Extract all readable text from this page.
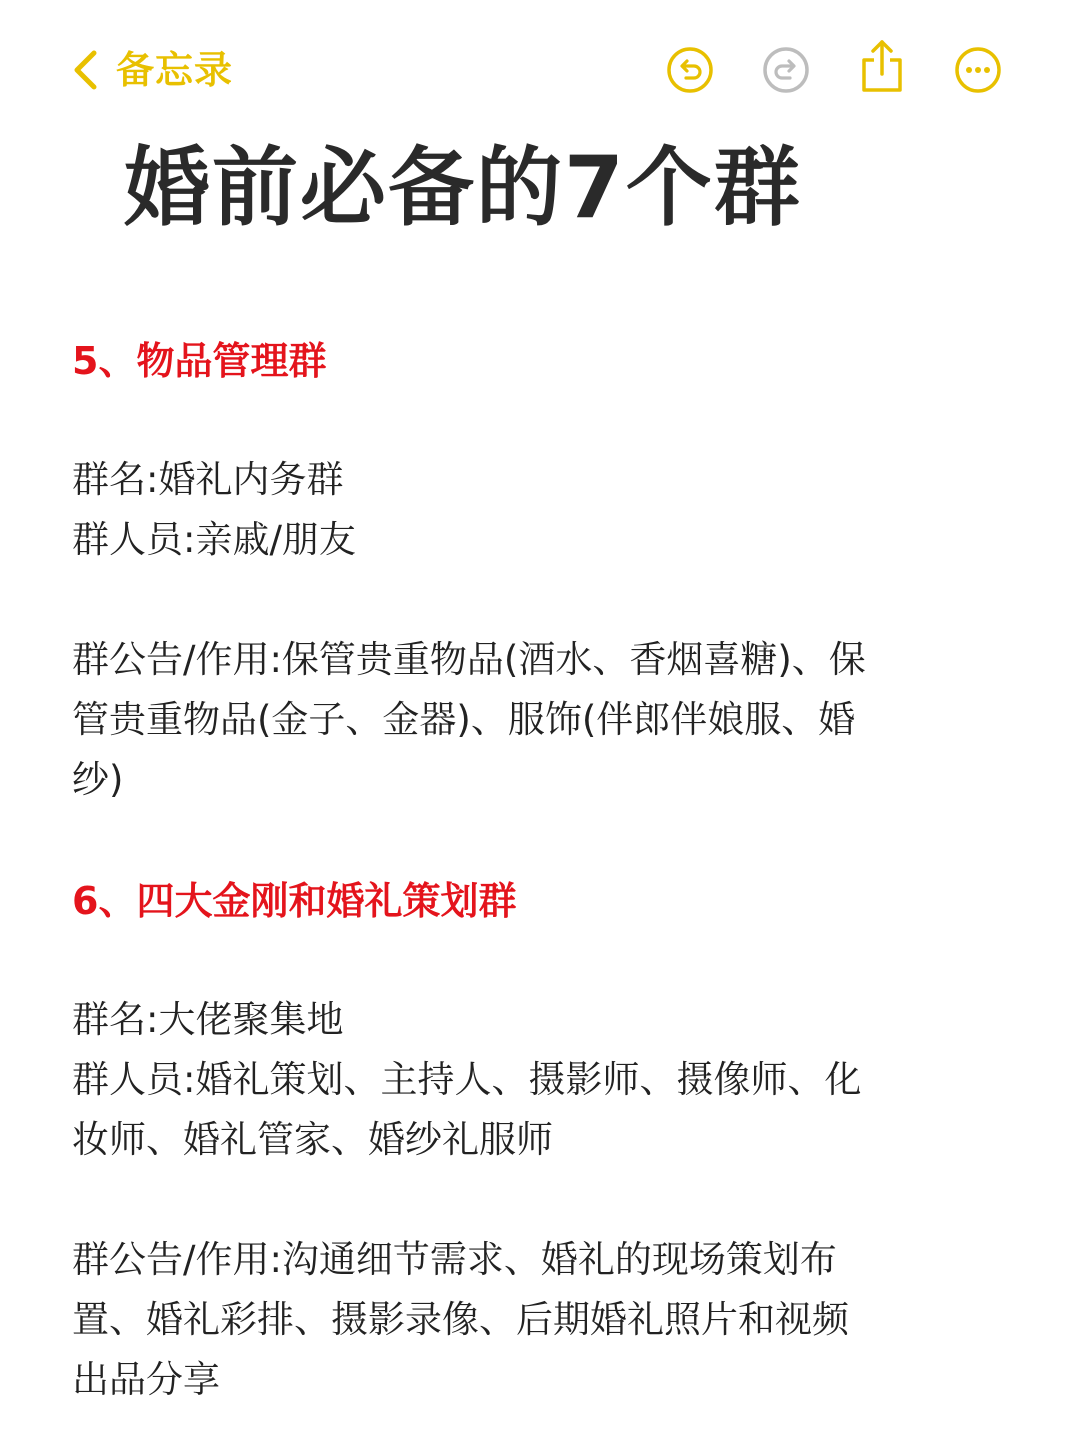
备忘录
婚前必备的7个群
5、物品管理群
群名:婚礼内务群
群人员:亲戚/朋友
群公告/作用:保管贵重物品(酒水、香烟喜糖)、保
管贵重物品(金子、金器)、服饰(伴郎伴娘服、婚
纱)
6、四大金刚和婚礼策划群
群名:大佬聚集地
群人员:婚礼策划、主持人、摄影师、摄像师、化
妆师、婚礼管家、婚纱礼服师
群公告/作用:沟通细节需求、婚礼的现场策划布
置、婚礼彩排、摄影录像、后期婚礼照片和视频
出品分享
